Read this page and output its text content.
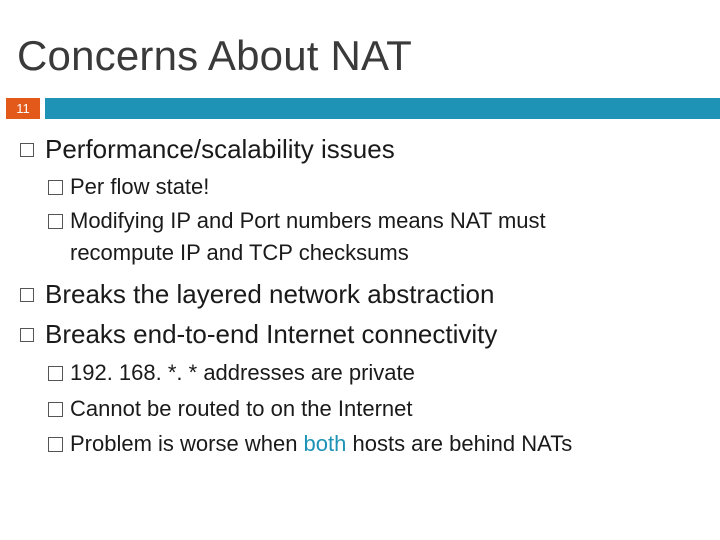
Concerns About NAT
11
Performance/scalability issues
Per flow state!
Modifying IP and Port numbers means NAT must
recompute IP and TCP checksums
Breaks the layered network abstraction
Breaks end-to-end Internet connectivity
192. 168. *. * addresses are private
Cannot be routed to on the Internet
Problem is worse when both hosts are behind NATs
